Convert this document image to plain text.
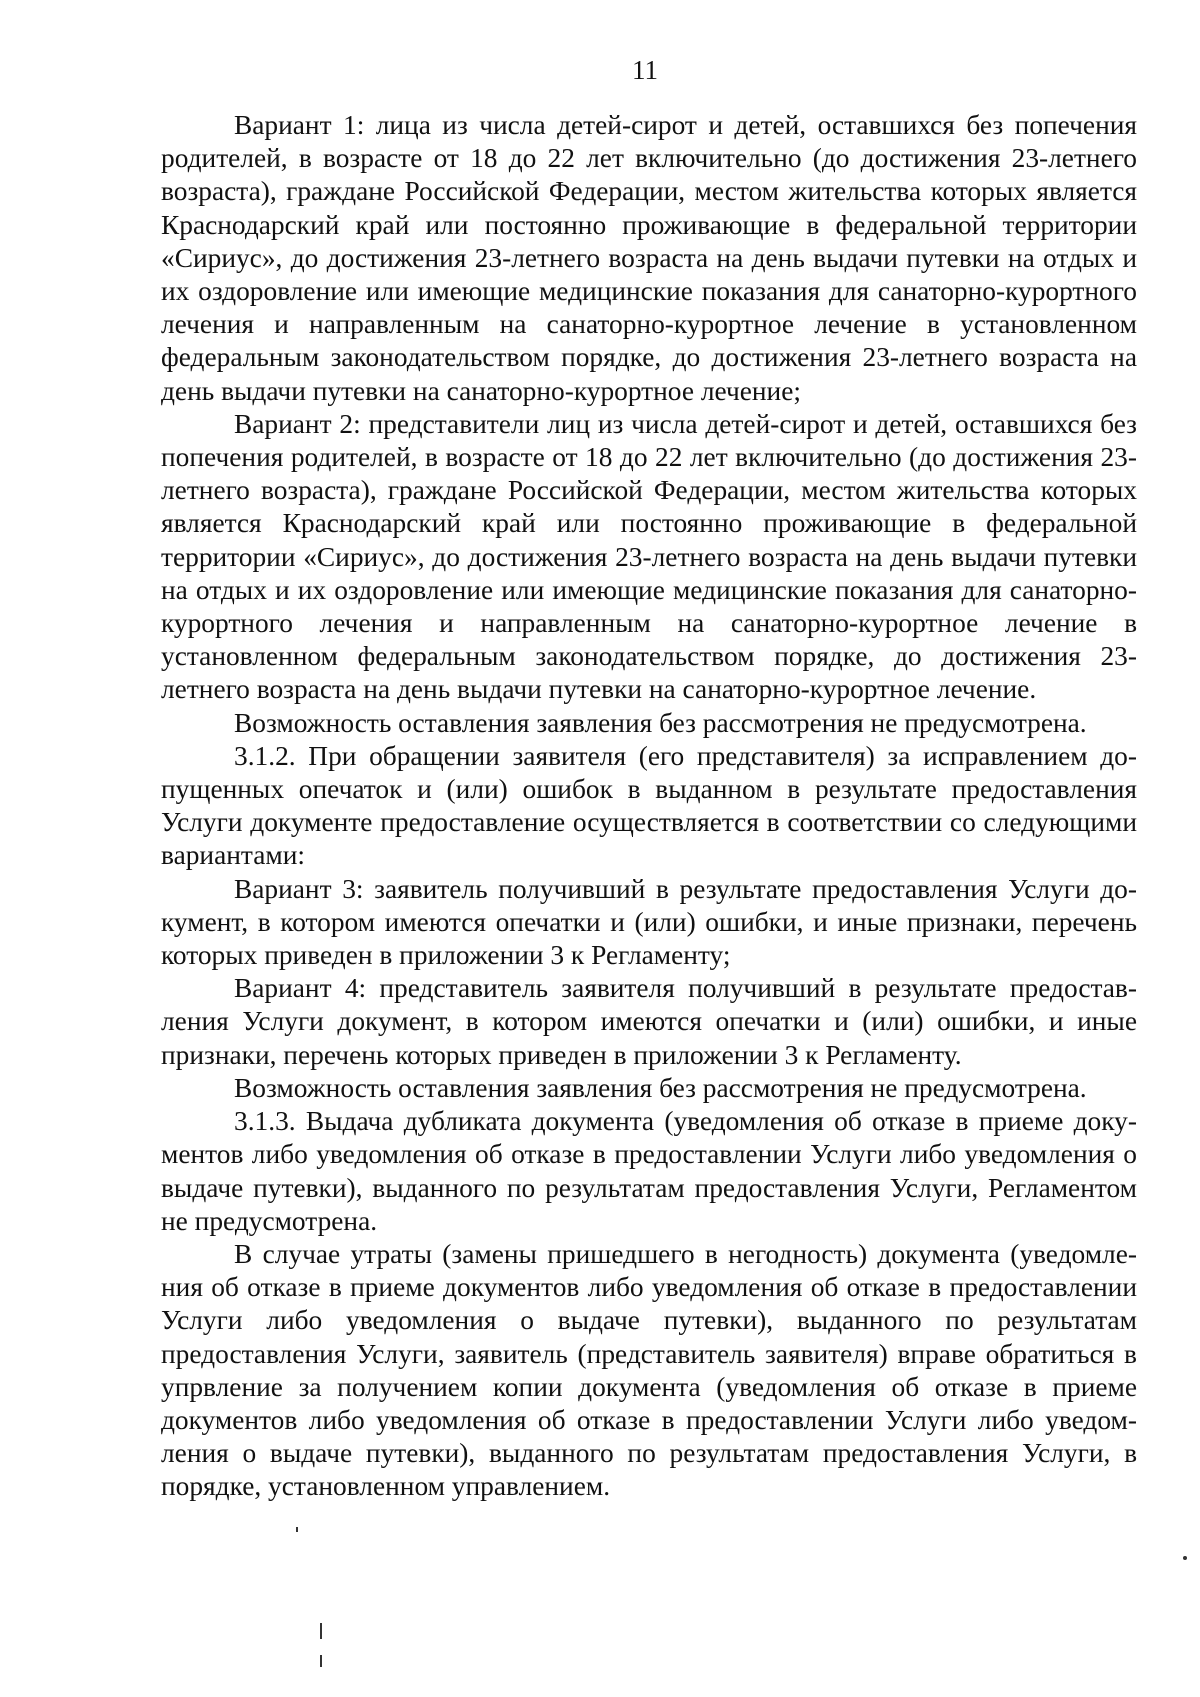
11

Вариант 1: лица из числа детей-сирот и детей, оставшихся без попечения родителей, в возрасте от 18 до 22 лет включительно (до достижения 23-летнего возраста), граждане Российской Федерации, местом жительства которых является Краснодарский край или постоянно проживающие в федеральной территории «Сириус», до достижения 23-летнего возраста на день выдачи путевки на отдых и их оздоровление или имеющие медицинские показания для санаторно-курортного лечения и направленным на санаторно-курортное лечение в установленном федеральным законодательством порядке, до достижения 23-летнего возраста на день выдачи путевки на санаторно-курортное лечение;

Вариант 2: представители лиц из числа детей-сирот и детей, оставшихся без попечения родителей, в возрасте от 18 до 22 лет включительно (до достижения 23-летнего возраста), граждане Российской Федерации, местом жительства которых является Краснодарский край или постоянно проживающие в федеральной территории «Сириус», до достижения 23-летнего возраста на день выдачи путевки на отдых и их оздоровление или имеющие медицинские показания для санаторно-курортного лечения и направленным на санаторно-курортное лечение в установленном федеральным законодательством порядке, до достижения 23-летнего возраста на день выдачи путевки на санаторно-курортное лечение.

Возможность оставления заявления без рассмотрения не предусмотрена.

3.1.2. При обращении заявителя (его представителя) за исправлением допущенных опечаток и (или) ошибок в выданном в результате предоставления Услуги документе предоставление осуществляется в соответствии со следующими вариантами:

Вариант 3: заявитель получивший в результате предоставления Услуги документ, в котором имеются опечатки и (или) ошибки, и иные признаки, перечень которых приведен в приложении 3 к Регламенту;

Вариант 4: представитель заявителя получивший в результате предоставления Услуги документ, в котором имеются опечатки и (или) ошибки, и иные признаки, перечень которых приведен в приложении 3 к Регламенту.

Возможность оставления заявления без рассмотрения не предусмотрена.

3.1.3. Выдача дубликата документа (уведомления об отказе в приеме документов либо уведомления об отказе в предоставлении Услуги либо уведомления о выдаче путевки), выданного по результатам предоставления Услуги, Регламентом не предусмотрена.

В случае утраты (замены пришедшего в негодность) документа (уведомления об отказе в приеме документов либо уведомления об отказе в предоставлении Услуги либо уведомления о выдаче путевки), выданного по результатам предоставления Услуги, заявитель (представитель заявителя) вправе обратиться в упрвление за получением копии документа (уведомления об отказе в приеме документов либо уведомления об отказе в предоставлении Услуги либо уведомления о выдаче путевки), выданного по результатам предоставления Услуги, в порядке, установленном управлением.
